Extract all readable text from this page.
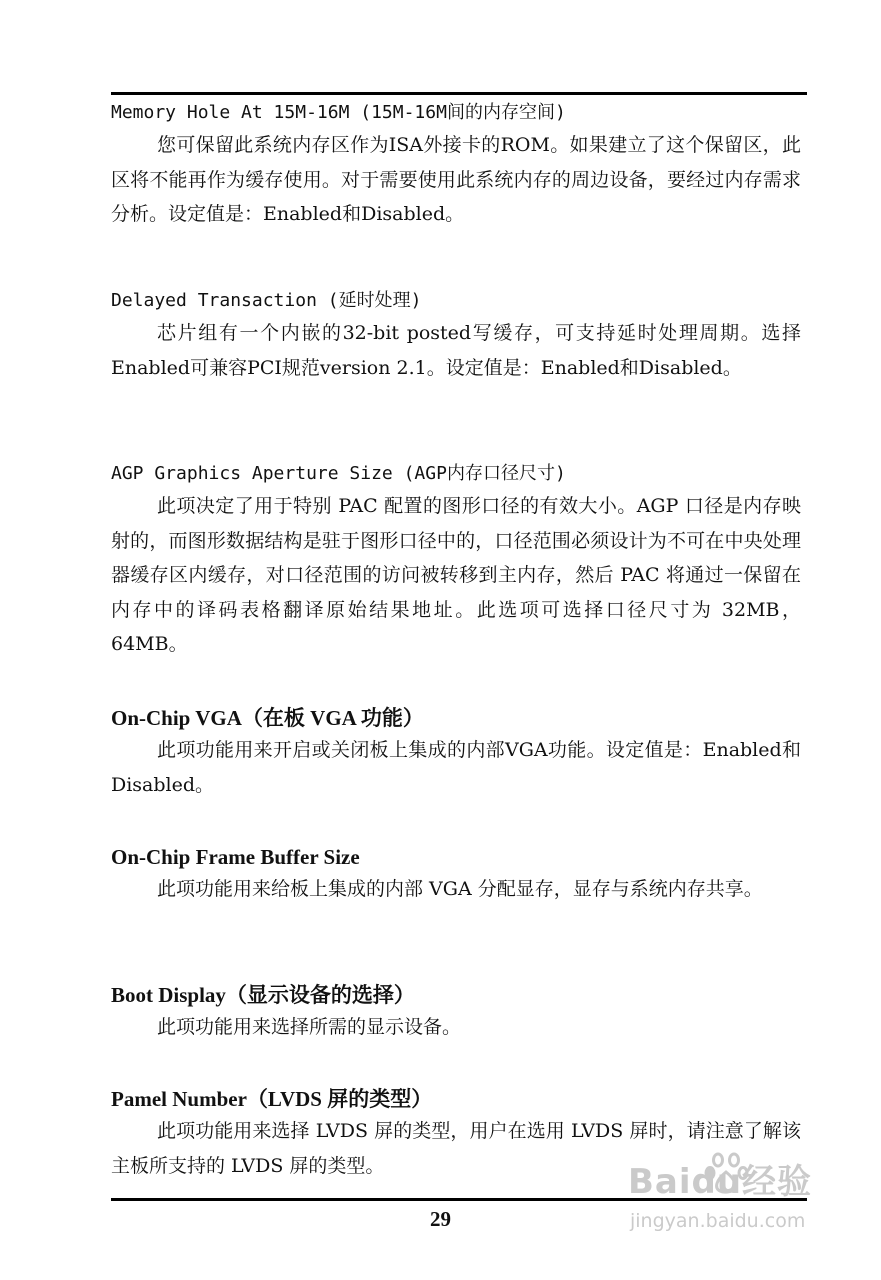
Memory Hole At 15M-16M (15M-16M间的内存空间)

您可保留此系统内存区作为ISA外接卡的ROM。如果建立了这个保留区，此区将不能再作为缓存使用。对于需要使用此系统内存的周边设备，要经过内存需求分析。设定值是：Enabled和Disabled。

Delayed Transaction (延时处理)

芯片组有一个内嵌的32-bit posted写缓存，可支持延时处理周期。选择Enabled可兼容PCI规范version 2.1。设定值是：Enabled和Disabled。

AGP Graphics Aperture Size (AGP内存口径尺寸)

此项决定了用于特别 PAC 配置的图形口径的有效大小。AGP 口径是内存映射的，而图形数据结构是驻于图形口径中的，口径范围必须设计为不可在中央处理器缓存区内缓存，对口径范围的访问被转移到主内存，然后 PAC 将通过一保留在内存中的译码表格翻译原始结果地址。此选项可选择口径尺寸为 32MB，64MB。

On-Chip VGA（在板 VGA 功能）

此项功能用来开启或关闭板上集成的内部VGA功能。设定值是：Enabled和Disabled。

On-Chip Frame Buffer Size

此项功能用来给板上集成的内部 VGA 分配显存，显存与系统内存共享。

Boot Display（显示设备的选择）

此项功能用来选择所需的显示设备。

Pamel Number（LVDS 屏的类型）

此项功能用来选择 LVDS 屏的类型，用户在选用 LVDS 屏时，请注意了解该主板所支持的 LVDS 屏的类型。

29
Baidu经验
jingyan.baidu.com
